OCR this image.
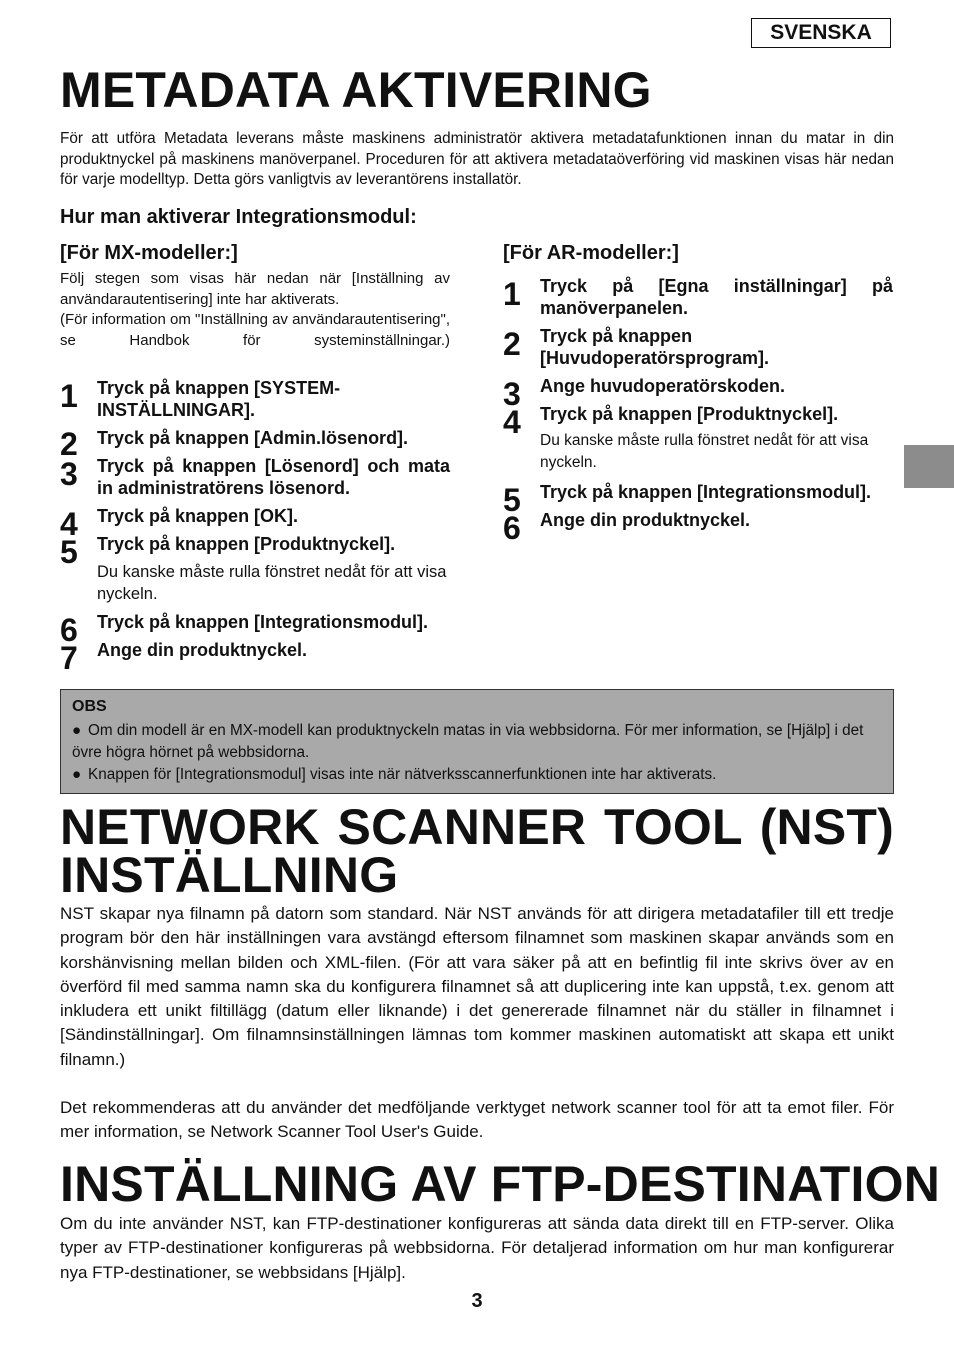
SVENSKA
METADATA AKTIVERING

För att utföra Metadata leverans måste maskinens administratör aktivera metadatafunktionen innan du matar in din produktnyckel på maskinens manöverpanel. Proceduren för att aktivera metadataöverföring vid maskinen visas här nedan för varje modelltyp. Detta görs vanligtvis av leverantörens installatör.

Hur man aktiverar Integrationsmodul:
[För MX-modeller:]

Följ stegen som visas här nedan när [Inställning av användarautentisering] inte har aktiverats.

(För information om "Inställning av användarautentisering", se Handbok för systeminställningar.)

1 Tryck på knappen [SYSTEM-INSTÄLLNINGAR].
2 Tryck på knappen [Admin.lösenord].
3 Tryck på knappen [Lösenord] och mata in administratörens lösenord.
4 Tryck på knappen [OK].
5 Tryck på knappen [Produktnyckel].
Du kanske måste rulla fönstret nedåt för att visa nyckeln.
6 Tryck på knappen [Integrationsmodul].
7 Ange din produktnyckel.
[För AR-modeller:]
1 Tryck på [Egna inställningar] på manöverpanelen.
2 Tryck på knappen [Huvudoperatörsprogram].
3 Ange huvudoperatörskoden.
4 Tryck på knappen [Produktnyckel].
Du kanske måste rulla fönstret nedåt för att visa nyckeln.
5 Tryck på knappen [Integrationsmodul].
6 Ange din produktnyckel.
OBS
● Om din modell är en MX-modell kan produktnyckeln matas in via webbsidorna. För mer information, se [Hjälp] i det övre högra hörnet på webbsidorna.
● Knappen för [Integrationsmodul] visas inte när nätverksscannerfunktionen inte har aktiverats.
NETWORK SCANNER TOOL (NST)
INSTÄLLNING

NST skapar nya filnamn på datorn som standard. När NST används för att dirigera metadatafiler till ett tredje program bör den här inställningen vara avstängd eftersom filnamnet som maskinen skapar används som en korshänvisning mellan bilden och XML-filen. (För att vara säker på att en befintlig fil inte skrivs över av en överförd fil med samma namn ska du konfigurera filnamnet så att duplicering inte kan uppstå, t.ex. genom att inkludera ett unikt filtillägg (datum eller liknande) i det genererade filnamnet när du ställer in filnamnet i [Sändinställningar]. Om filnamnsinställningen lämnas tom kommer maskinen automatiskt att skapa ett unikt filnamn.)

Det rekommenderas att du använder det medföljande verktyget network scanner tool för att ta emot filer. För mer information, se Network Scanner Tool User's Guide.

INSTÄLLNING AV FTP-DESTINATION

Om du inte använder NST, kan FTP-destinationer konfigureras att sända data direkt till en FTP-server. Olika typer av FTP-destinationer konfigureras på webbsidorna. För detaljerad information om hur man konfigurerar nya FTP-destinationer, se webbsidans [Hjälp].

3
